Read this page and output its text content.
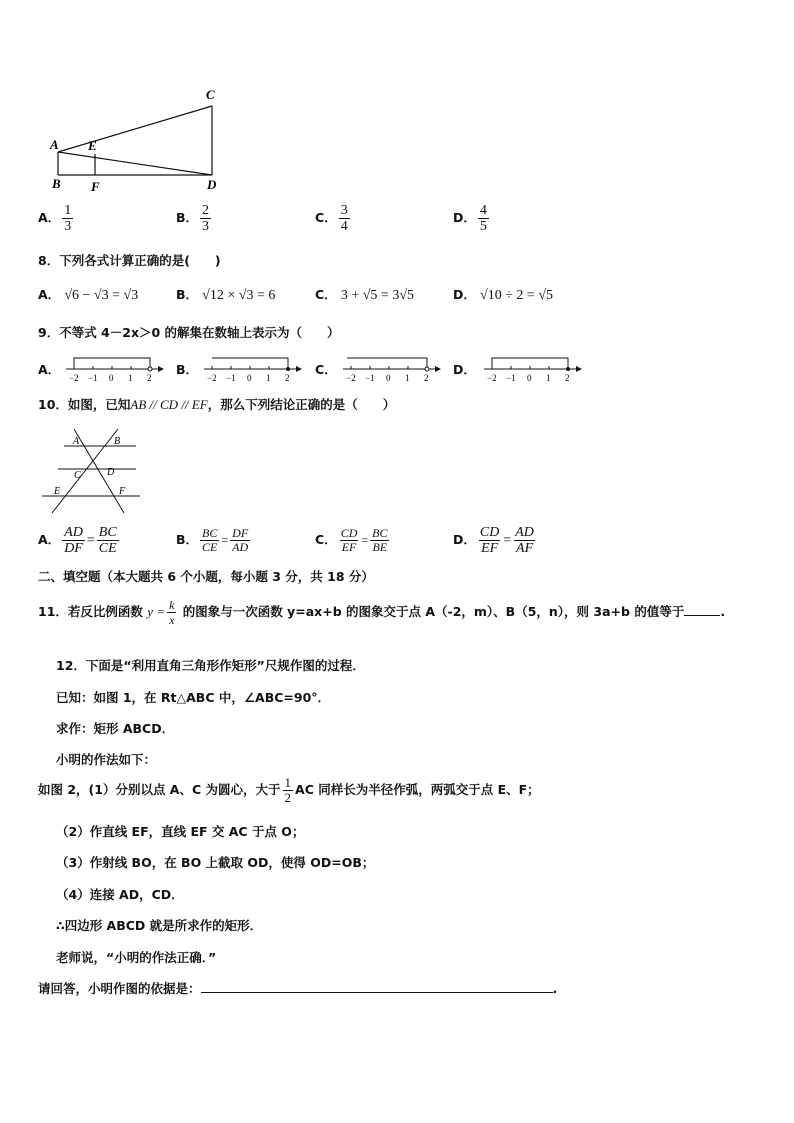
C
A E
B F	D
A． $\frac{1}{3}$	B． $\frac{2}{3}$	C． $\frac{3}{4}$	D． $\frac{4}{5}$
8．下列各式计算正确的是(　　)
A． √6 − √3 = √3	B． √12 × √3 = 6	C． 3 + √5 = 3√5	D． √10 ÷ 2 = √5
9．不等式 4－2x＞0 的解集在数轴上表示为（　　）
A．
−2 −1 0 1 2
B．
−2 −1 0 1 2
C．
−2 −1 0 1 2
D．
−2 −1 0 1 2
10．如图，已知AB // CD // EF，那么下列结论正确的是（　　）
A	B
C	D
E	F
A． $\frac{AD}{DF} = \frac{BC}{CE}$	B． $\frac{BC}{CE} = \frac{DF}{AD}$	C． $\frac{CD}{EF} = \frac{BC}{BE}$	D． $\frac{CD}{EF} = \frac{AD}{AF}$
二、填空题（本大题共 6 个小题，每小题 3 分，共 18 分）
11．若反比例函数 $y = \frac{k}{x}$ 的图象与一次函数 y=ax+b 的图象交于点 A（-2，m）、B（5，n），则 3a+b 的值等于	.
12．下面是“利用直角三角形作矩形”尺规作图的过程．
已知：如图 1，在 Rt△ABC 中，∠ABC=90°．
求作：矩形 ABCD．
小明的作法如下：
如图 2，(1）分别以点 A、C 为圆心，大于 $\frac{1}{2}$ AC 同样长为半径作弧，两弧交于点 E、F；
（2）作直线 EF，直线 EF 交 AC 于点 O；
（3）作射线 BO，在 BO 上截取 OD，使得 OD=OB；
（4）连接 AD，CD．
∴四边形 ABCD 就是所求作的矩形．
老师说，“小明的作法正确．”
请回答，小明作图的依据是：	.
